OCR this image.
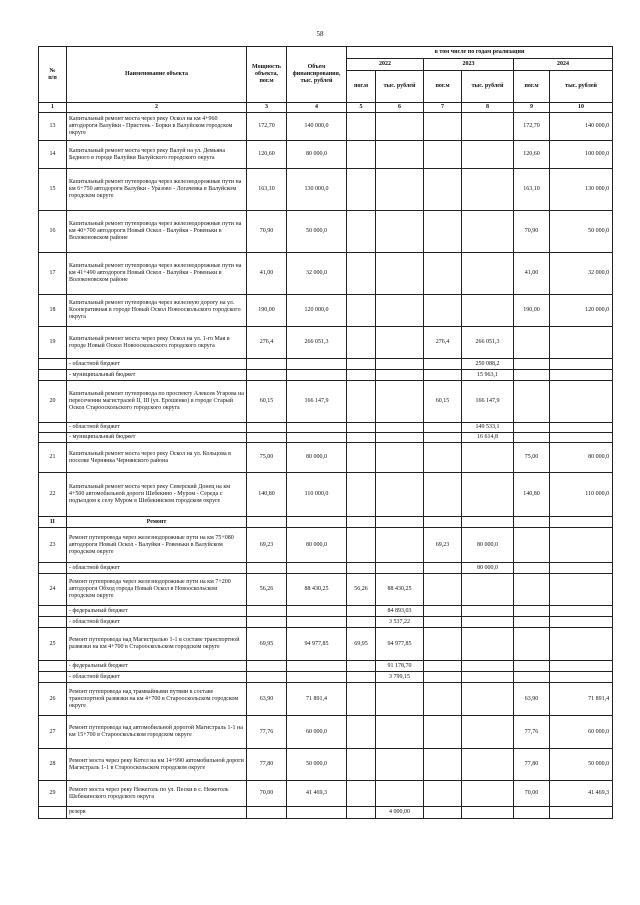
58
№
п/п	Наименование объекта	Мощность объекта, пог.м	Объем финансирования, тыс. рублей	в том числе по годам реализации					
				2022		2023		2024	
				пог.м	тыс. рублей	пог.м	тыс. рублей	пог.м	тыс. рублей
1	2	3	4	5	6	7	8	9	10
13	Капитальный ремонт моста через реку Оскол на км 4+960 автодороги Валуйки - Пристень - Борки в Валуйском городском округе	172,70	140 000,0					172,70	140 000,0
14	Капитальный ремонт моста через реку Валуй на ул. Демьяна Бедного в городе Валуйки Валуйского городского округа	120,60	80 000,0					120,60	100 000,0
15	Капитальный ремонт путепровода через железнодорожные пути на км 6+750 автодороги Валуйки - Уразово - Логачевка в Валуйском городском округе	163,10	130 000,0					163,10	130 000,0
16	Капитальный ремонт путепровода через железнодорожные пути на км 40+700 автодороги Новый Оскол - Валуйки - Ровеньки в Волоконовском районе	70,90	50 000,0					70,90	50 000,0
17	Капитальный ремонт путепровода через железнодорожные пути на км 41+490 автодороги Новый Оскол - Валуйки - Ровеньки в Волоконовском районе	41,00	32 000,0					41,00	32 000,0
18	Капитальный ремонт путепровода через железную дорогу на ул. Кооперативная в городе Новый Оскол Новооскольского городского округа	190,00	120 000,0					190,00	120 000,0
19	Капитальный ремонт моста через реку Оскол на ул. 1-го Мая в городе Новый Оскол Новооскольского городского округа	276,4	266 051,3			276,4	266 051,3		
	- областной бюджет						250 088,2		
	- муниципальный бюджет						15 963,1		
20	Капитальный ремонт путепровода по проспекту Алексея Угарова на пересечении магистралей II, III (ул. Ерошенко) в городе Старый Оскол Старооскольского городского округа	60,15	166 147,9			60,15	166 147,9		
	- областной бюджет						149 533,1		
	- муниципальный бюджет						16 614,8		
21	Капитальный ремонт моста через реку Оскол на ул. Кольцова в поселке Чернянка Чернянского района	75,00	80 000,0					75,00	80 000,0
22	Капитальный ремонт моста через реку Северский Донец на км 4+500 автомобильной дороги Шебекино - Муром - Середа с подъездом к селу Муром в Шебекинском городском округе	140,80	110 000,0					140,80	110 000,0
II	Ремонт								
23	Ремонт путепровода через железнодорожные пути на км 75+080 автодороги Новый Оскол - Валуйки - Ровеньки в Валуйском городском округе	69,23	80 000,0			69,23	80 000,0		
	- областной бюджет						80 000,0		
24	Ремонт путепровода через железнодорожные пути на км 7+200 автодороги Обход города Новый Оскол в Новооскольском городском округе	56,26	88 430,25	56,26	88 430,25				
	- федеральный бюджет				84 893,03				
	- областной бюджет				3 537,22				
25	Ремонт путепровода над Магистралью 1-1 в составе транспортной развязки на км 4+700 в Старооскольском городском округе	69,95	94 977,85	69,95	94 977,85				
	- федеральный бюджет				91 178,70				
	- областной бюджет				3 799,15				
26	Ремонт путепровода над трамвайными путями в составе транспортной развязки на км 4+700 в Старооскольском городском округе	63,90	71 891,4					63,90	71 891,4
27	Ремонт путепровода над автомобильной дорогой Магистраль 1-1 на км 15+700 в Старооскольском городском округе	77,76	60 000,0					77,76	60 000,0
28	Ремонт моста через реку Котел на км 14+990 автомобильной дороги Магистраль 1-1 в Старооскольском городском округе	77,80	50 000,0					77,80	50 000,0
29	Ремонт моста через реку Нежеголь по ул. Пески в с. Нежеголь Шебекинского городского округа	70,00	41 469,3					70,00	41 469,3
	резерв				4 000,00				
